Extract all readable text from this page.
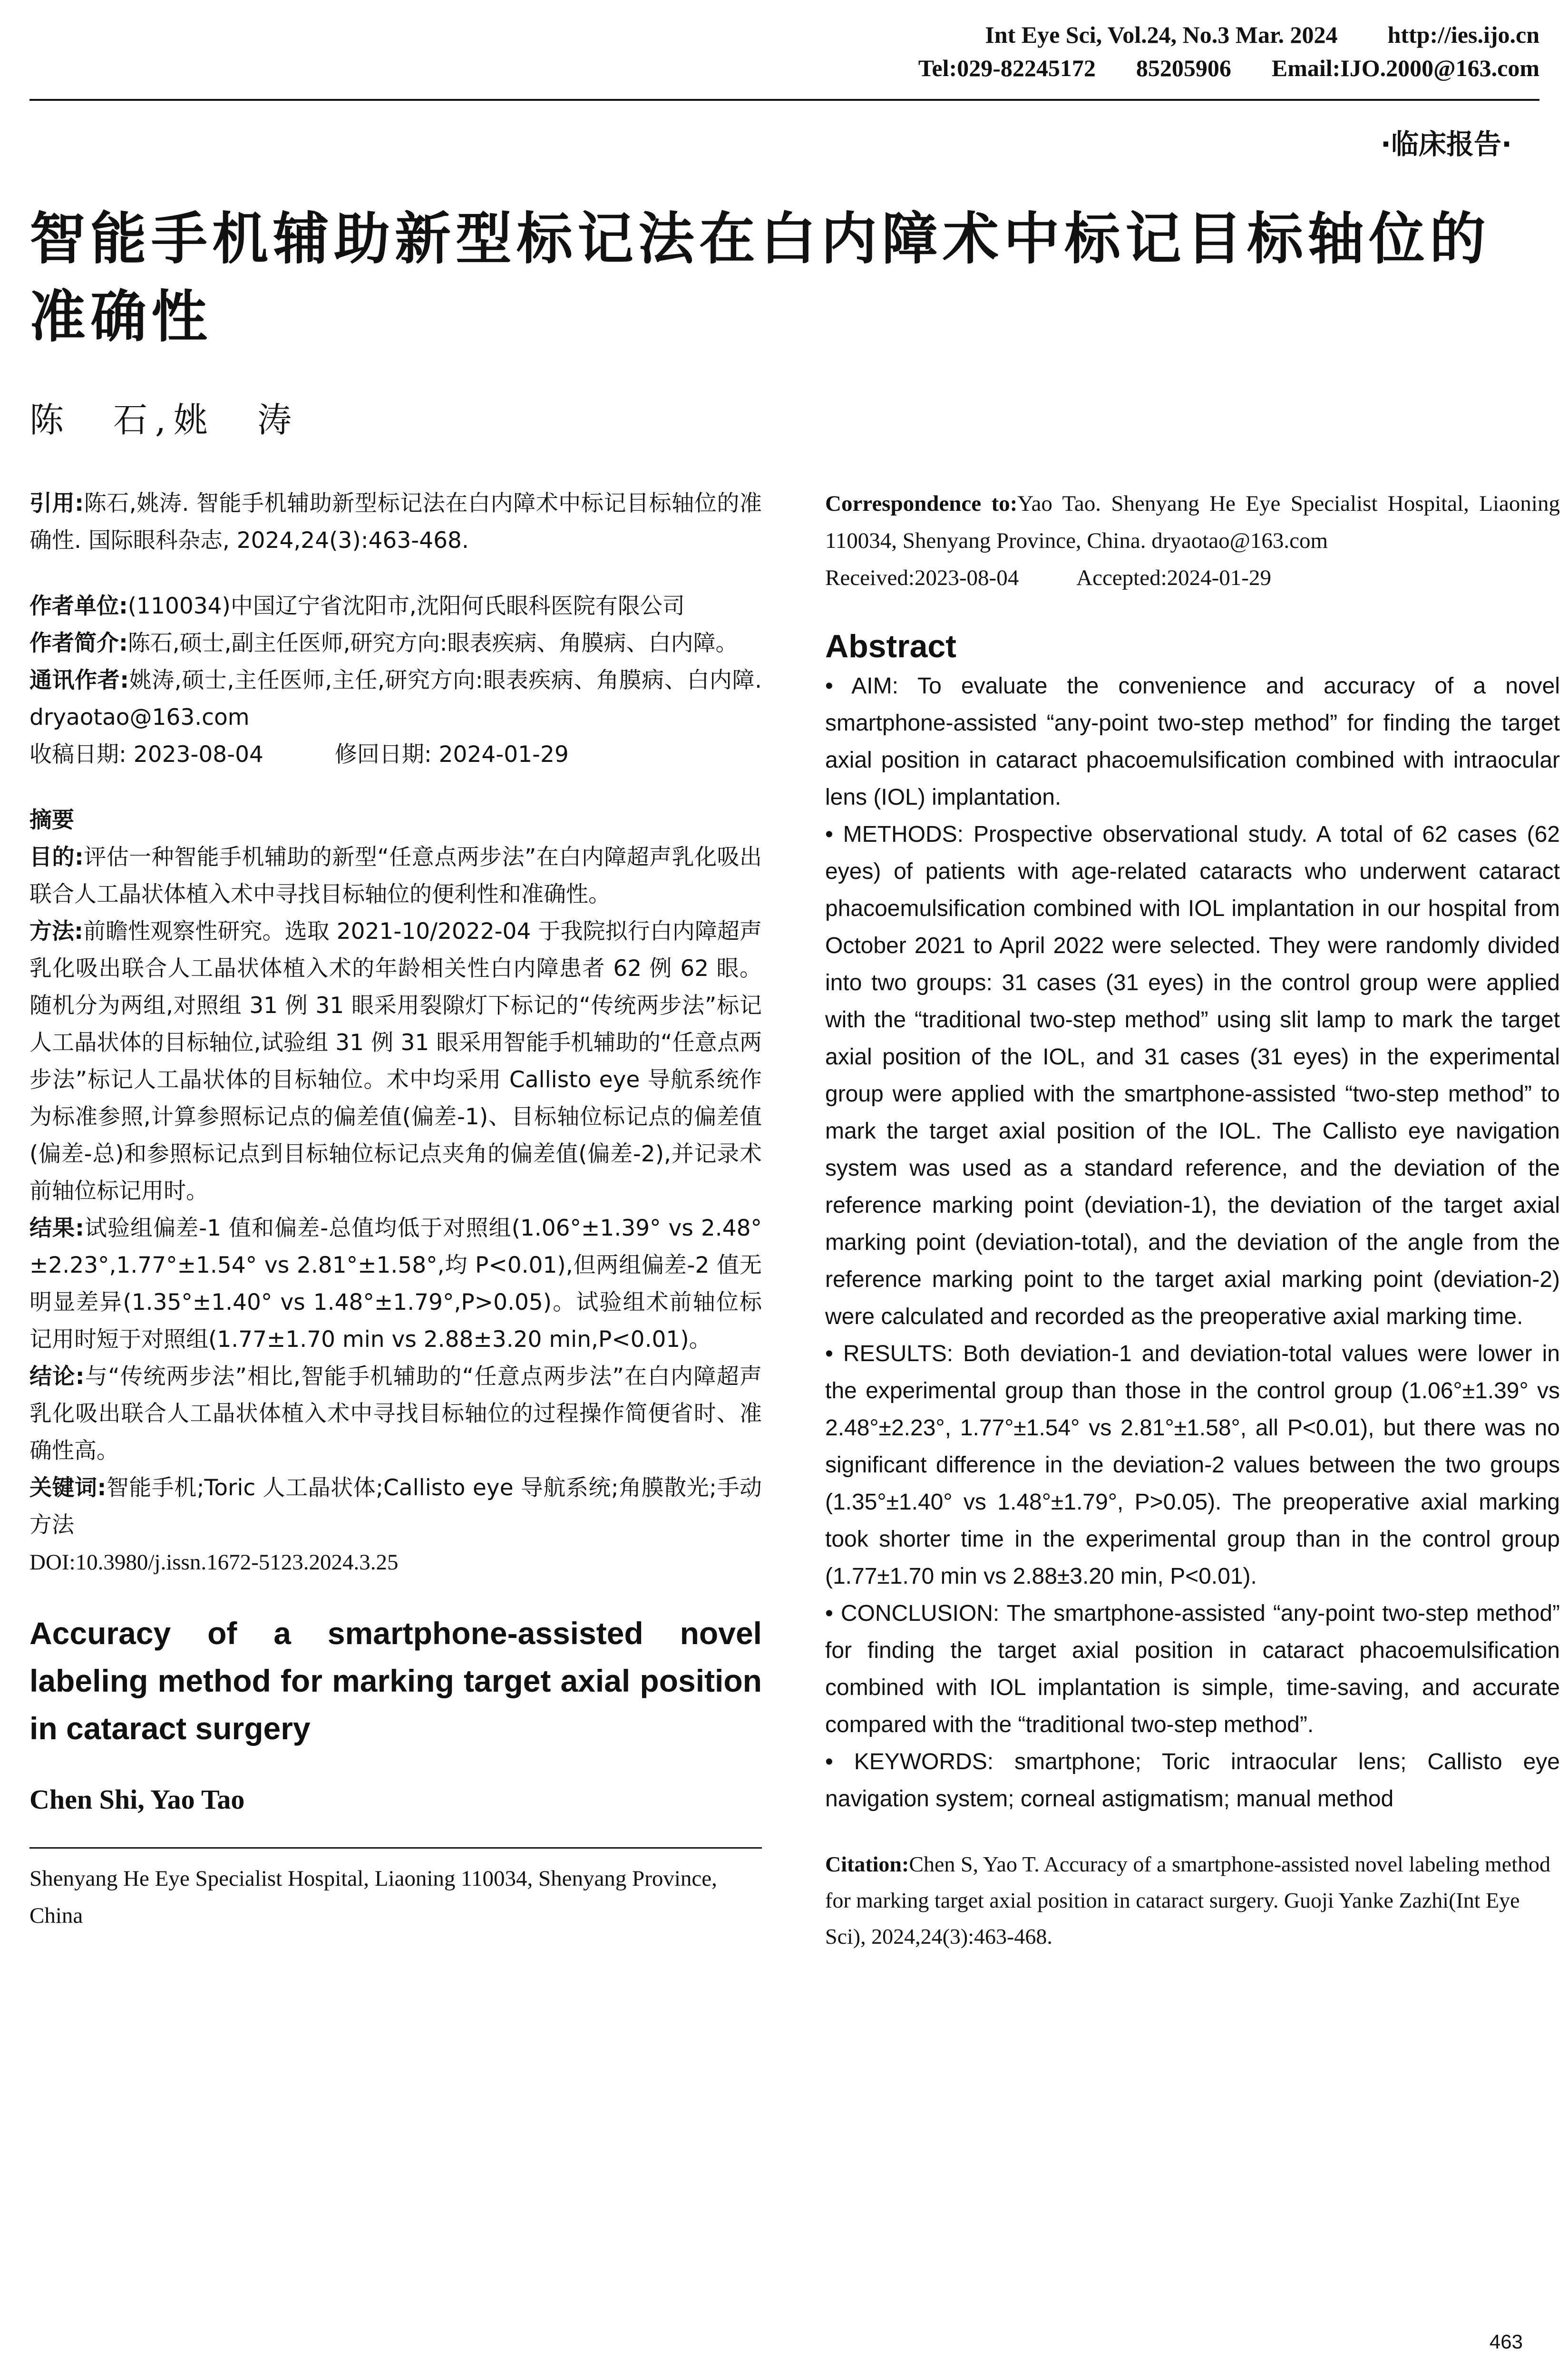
Int Eye Sci, Vol.24, No.3 Mar. 2024 http://ies.ijo.cn
Tel:029-82245172 85205906 Email:IJO.2000@163.com
·临床报告·
智能手机辅助新型标记法在白内障术中标记目标轴位的准确性
陈　石,姚　涛

引用:陈石,姚涛. 智能手机辅助新型标记法在白内障术中标记目标轴位的准确性. 国际眼科杂志, 2024,24(3):463-468.

作者单位:(110034)中国辽宁省沈阳市,沈阳何氏眼科医院有限公司

作者简介:陈石,硕士,副主任医师,研究方向:眼表疾病、角膜病、白内障。

通讯作者:姚涛,硕士,主任医师,主任,研究方向:眼表疾病、角膜病、白内障. dryaotao@163.com

收稿日期: 2023-08-04	修回日期: 2024-01-29

摘要

目的:评估一种智能手机辅助的新型“任意点两步法”在白内障超声乳化吸出联合人工晶状体植入术中寻找目标轴位的便利性和准确性。

方法:前瞻性观察性研究。选取 2021-10/2022-04 于我院拟行白内障超声乳化吸出联合人工晶状体植入术的年龄相关性白内障患者 62 例 62 眼。随机分为两组,对照组 31 例 31 眼采用裂隙灯下标记的“传统两步法”标记人工晶状体的目标轴位,试验组 31 例 31 眼采用智能手机辅助的“任意点两步法”标记人工晶状体的目标轴位。术中均采用 Callisto eye 导航系统作为标准参照,计算参照标记点的偏差值(偏差-1)、目标轴位标记点的偏差值(偏差-总)和参照标记点到目标轴位标记点夹角的偏差值(偏差-2),并记录术前轴位标记用时。

结果:试验组偏差-1 值和偏差-总值均低于对照组(1.06°±1.39° vs 2.48°±2.23°,1.77°±1.54° vs 2.81°±1.58°,均 P<0.01),但两组偏差-2 值无明显差异(1.35°±1.40° vs 1.48°±1.79°,P>0.05)。试验组术前轴位标记用时短于对照组(1.77±1.70 min vs 2.88±3.20 min,P<0.01)。

结论:与“传统两步法”相比,智能手机辅助的“任意点两步法”在白内障超声乳化吸出联合人工晶状体植入术中寻找目标轴位的过程操作简便省时、准确性高。

关键词:智能手机;Toric 人工晶状体;Callisto eye 导航系统;角膜散光;手动方法

DOI:10.3980/j.issn.1672-5123.2024.3.25

Accuracy of a smartphone-assisted novel labeling method for marking target axial position in cataract surgery
Chen Shi, Yao Tao

Shenyang He Eye Specialist Hospital, Liaoning 110034, Shenyang Province, China

Correspondence to:Yao Tao. Shenyang He Eye Specialist Hospital, Liaoning 110034, Shenyang Province, China. dryaotao@163.com

Received:2023-08-04	Accepted:2024-01-29

Abstract

• AIM: To evaluate the convenience and accuracy of a novel smartphone-assisted “any-point two-step method” for finding the target axial position in cataract phacoemulsification combined with intraocular lens (IOL) implantation.

• METHODS: Prospective observational study. A total of 62 cases (62 eyes) of patients with age-related cataracts who underwent cataract phacoemulsification combined with IOL implantation in our hospital from October 2021 to April 2022 were selected. They were randomly divided into two groups: 31 cases (31 eyes) in the control group were applied with the “traditional two-step method” using slit lamp to mark the target axial position of the IOL, and 31 cases (31 eyes) in the experimental group were applied with the smartphone-assisted “two-step method” to mark the target axial position of the IOL. The Callisto eye navigation system was used as a standard reference, and the deviation of the reference marking point (deviation-1), the deviation of the target axial marking point (deviation-total), and the deviation of the angle from the reference marking point to the target axial marking point (deviation-2) were calculated and recorded as the preoperative axial marking time.

• RESULTS: Both deviation-1 and deviation-total values were lower in the experimental group than those in the control group (1.06°±1.39° vs 2.48°±2.23°, 1.77°±1.54° vs 2.81°±1.58°, all P<0.01), but there was no significant difference in the deviation-2 values between the two groups (1.35°±1.40° vs 1.48°±1.79°, P>0.05). The preoperative axial marking took shorter time in the experimental group than in the control group (1.77±1.70 min vs 2.88±3.20 min, P<0.01).

• CONCLUSION: The smartphone-assisted “any-point two-step method” for finding the target axial position in cataract phacoemulsification combined with IOL implantation is simple, time-saving, and accurate compared with the “traditional two-step method”.

• KEYWORDS: smartphone; Toric intraocular lens; Callisto eye navigation system; corneal astigmatism; manual method

Citation:Chen S, Yao T. Accuracy of a smartphone-assisted novel labeling method for marking target axial position in cataract surgery. Guoji Yanke Zazhi(Int Eye Sci), 2024,24(3):463-468.

463
